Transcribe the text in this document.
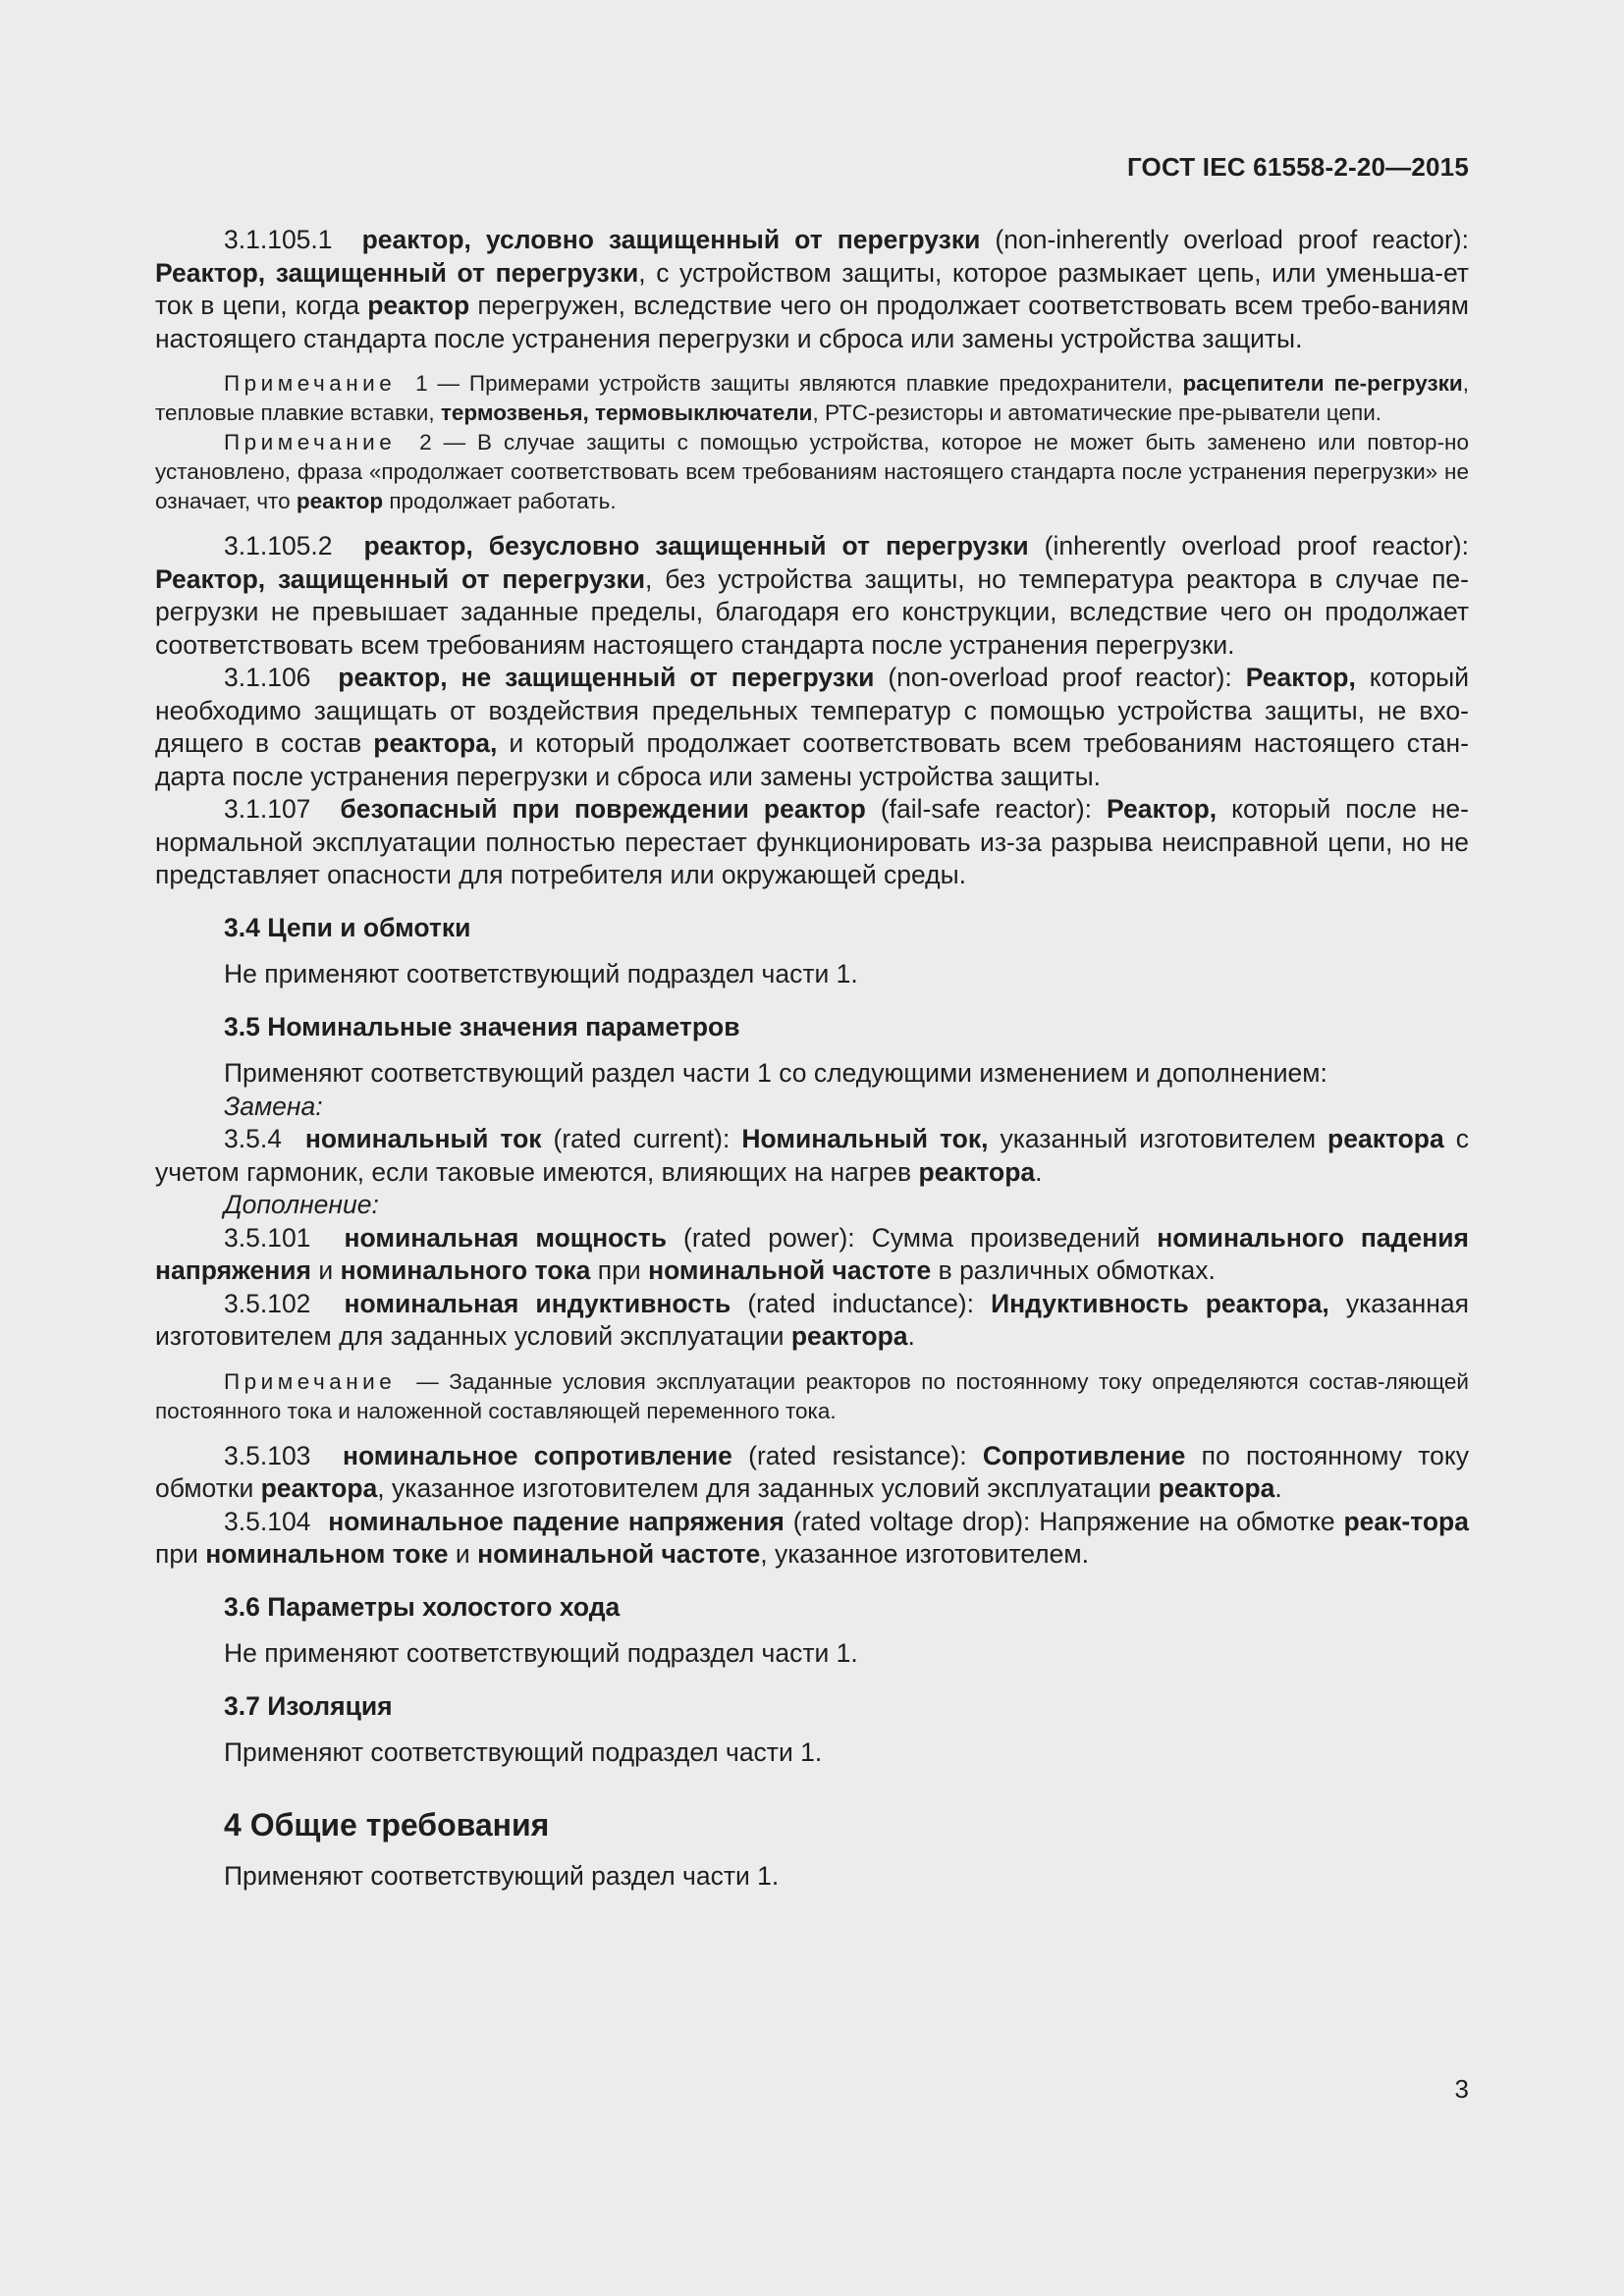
ГОСТ IEC 61558-2-20—2015

3.1.105.1 реактор, условно защищенный от перегрузки (non-inherently overload proof reactor): Реактор, защищенный от перегрузки, с устройством защиты, которое размыкает цепь, или уменьша-ет ток в цепи, когда реактор перегружен, вследствие чего он продолжает соответствовать всем требо-ваниям настоящего стандарта после устранения перегрузки и сброса или замены устройства защиты.

Примечание 1 — Примерами устройств защиты являются плавкие предохранители, расцепители пе-регрузки, тепловые плавкие вставки, термозвенья, термовыключатели, РТС-резисторы и автоматические пре-рыватели цепи.

Примечание 2 — В случае защиты с помощью устройства, которое не может быть заменено или повтор-но установлено, фраза «продолжает соответствовать всем требованиям настоящего стандарта после устранения перегрузки» не означает, что реактор продолжает работать.

3.1.105.2 реактор, безусловно защищенный от перегрузки (inherently overload proof reactor): Реактор, защищенный от перегрузки, без устройства защиты, но температура реактора в случае пе-регрузки не превышает заданные пределы, благодаря его конструкции, вследствие чего он продолжает соответствовать всем требованиям настоящего стандарта после устранения перегрузки.

3.1.106 реактор, не защищенный от перегрузки (non-overload proof reactor): Реактор, который необходимо защищать от воздействия предельных температур с помощью устройства защиты, не вхо-дящего в состав реактора, и который продолжает соответствовать всем требованиям настоящего стан-дарта после устранения перегрузки и сброса или замены устройства защиты.

3.1.107 безопасный при повреждении реактор (fail-safe reactor): Реактор, который после не-нормальной эксплуатации полностью перестает функционировать из-за разрыва неисправной цепи, но не представляет опасности для потребителя или окружающей среды.

3.4 Цепи и обмотки

Не применяют соответствующий подраздел части 1.

3.5 Номинальные значения параметров

Применяют соответствующий раздел части 1 со следующими изменением и дополнением:

Замена:

3.5.4 номинальный ток (rated current): Номинальный ток, указанный изготовителем реактора с учетом гармоник, если таковые имеются, влияющих на нагрев реактора.

Дополнение:

3.5.101 номинальная мощность (rated power): Сумма произведений номинального падения напряжения и номинального тока при номинальной частоте в различных обмотках.

3.5.102 номинальная индуктивность (rated inductance): Индуктивность реактора, указанная изготовителем для заданных условий эксплуатации реактора.

Примечание — Заданные условия эксплуатации реакторов по постоянному току определяются состав-ляющей постоянного тока и наложенной составляющей переменного тока.

3.5.103 номинальное сопротивление (rated resistance): Сопротивление по постоянному току обмотки реактора, указанное изготовителем для заданных условий эксплуатации реактора.

3.5.104 номинальное падение напряжения (rated voltage drop): Напряжение на обмотке реак-тора при номинальном токе и номинальной частоте, указанное изготовителем.

3.6 Параметры холостого хода

Не применяют соответствующий подраздел части 1.

3.7 Изоляция

Применяют соответствующий подраздел части 1.

4 Общие требования

Применяют соответствующий раздел части 1.

3
